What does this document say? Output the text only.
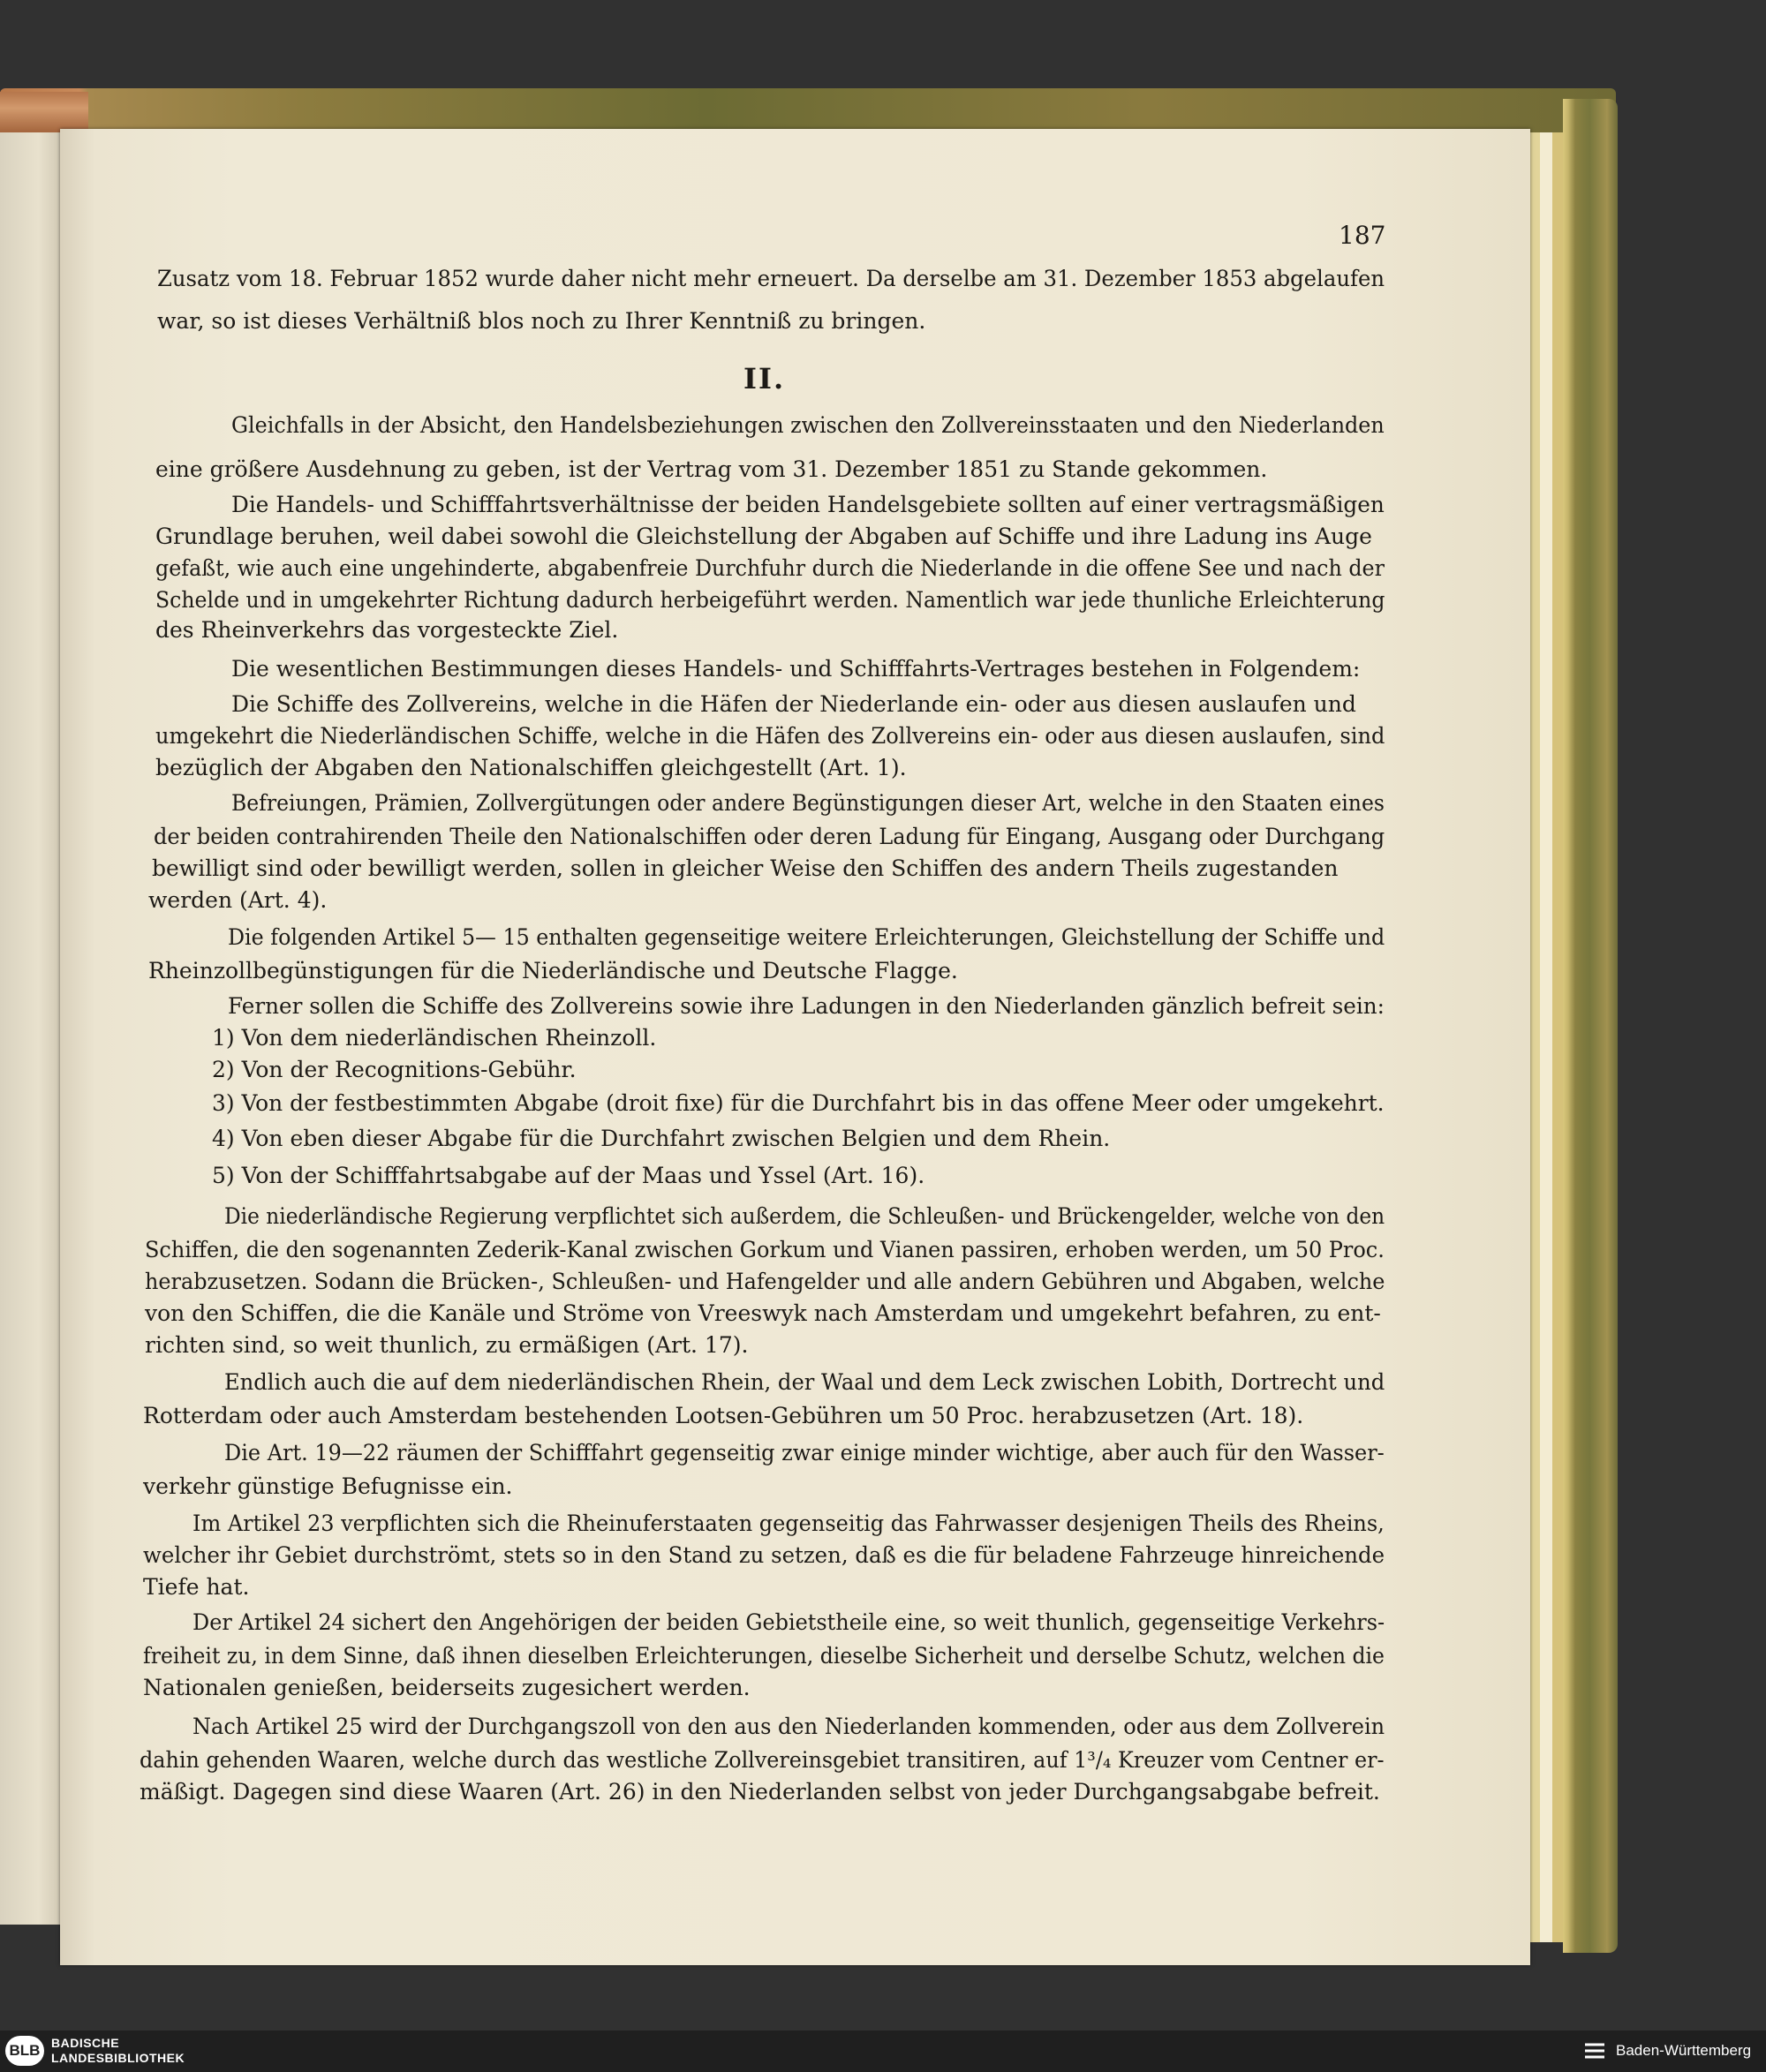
187
II.
Zusatz vom 18. Februar 1852 wurde daher nicht mehr erneuert. Da derselbe am 31. Dezember 1853 abgelaufen
war, so ist dieses Verhältniß blos noch zu Ihrer Kenntniß zu bringen.
Gleichfalls in der Absicht, den Handelsbeziehungen zwischen den Zollvereinsstaaten und den Niederlanden
eine größere Ausdehnung zu geben, ist der Vertrag vom 31. Dezember 1851 zu Stande gekommen.
Die Handels- und Schifffahrtsverhältnisse der beiden Handelsgebiete sollten auf einer vertragsmäßigen
Grundlage beruhen, weil dabei sowohl die Gleichstellung der Abgaben auf Schiffe und ihre Ladung ins Auge
gefaßt, wie auch eine ungehinderte, abgabenfreie Durchfuhr durch die Niederlande in die offene See und nach der
Schelde und in umgekehrter Richtung dadurch herbeigeführt werden. Namentlich war jede thunliche Erleichterung
des Rheinverkehrs das vorgesteckte Ziel.
Die wesentlichen Bestimmungen dieses Handels- und Schifffahrts-Vertrages bestehen in Folgendem:
Die Schiffe des Zollvereins, welche in die Häfen der Niederlande ein- oder aus diesen auslaufen und
umgekehrt die Niederländischen Schiffe, welche in die Häfen des Zollvereins ein- oder aus diesen auslaufen, sind
bezüglich der Abgaben den Nationalschiffen gleichgestellt (Art. 1).
Befreiungen, Prämien, Zollvergütungen oder andere Begünstigungen dieser Art, welche in den Staaten eines
der beiden contrahirenden Theile den Nationalschiffen oder deren Ladung für Eingang, Ausgang oder Durchgang
bewilligt sind oder bewilligt werden, sollen in gleicher Weise den Schiffen des andern Theils zugestanden
werden (Art. 4).
Die folgenden Artikel 5— 15 enthalten gegenseitige weitere Erleichterungen, Gleichstellung der Schiffe und
Rheinzollbegünstigungen für die Niederländische und Deutsche Flagge.
Ferner sollen die Schiffe des Zollvereins sowie ihre Ladungen in den Niederlanden gänzlich befreit sein:
1) Von dem niederländischen Rheinzoll.
2) Von der Recognitions-Gebühr.
3) Von der festbestimmten Abgabe (droit fixe) für die Durchfahrt bis in das offene Meer oder umgekehrt.
4) Von eben dieser Abgabe für die Durchfahrt zwischen Belgien und dem Rhein.
5) Von der Schifffahrtsabgabe auf der Maas und Yssel (Art. 16).
Die niederländische Regierung verpflichtet sich außerdem, die Schleußen- und Brückengelder, welche von den
Schiffen, die den sogenannten Zederik-Kanal zwischen Gorkum und Vianen passiren, erhoben werden, um 50 Proc.
herabzusetzen. Sodann die Brücken-, Schleußen- und Hafengelder und alle andern Gebühren und Abgaben, welche
von den Schiffen, die die Kanäle und Ströme von Vreeswyk nach Amsterdam und umgekehrt befahren, zu ent-
richten sind, so weit thunlich, zu ermäßigen (Art. 17).
Endlich auch die auf dem niederländischen Rhein, der Waal und dem Leck zwischen Lobith, Dortrecht und
Rotterdam oder auch Amsterdam bestehenden Lootsen-Gebühren um 50 Proc. herabzusetzen (Art. 18).
Die Art. 19—22 räumen der Schifffahrt gegenseitig zwar einige minder wichtige, aber auch für den Wasser-
verkehr günstige Befugnisse ein.
Im Artikel 23 verpflichten sich die Rheinuferstaaten gegenseitig das Fahrwasser desjenigen Theils des Rheins,
welcher ihr Gebiet durchströmt, stets so in den Stand zu setzen, daß es die für beladene Fahrzeuge hinreichende
Tiefe hat.
Der Artikel 24 sichert den Angehörigen der beiden Gebietstheile eine, so weit thunlich, gegenseitige Verkehrs-
freiheit zu, in dem Sinne, daß ihnen dieselben Erleichterungen, dieselbe Sicherheit und derselbe Schutz, welchen die
Nationalen genießen, beiderseits zugesichert werden.
Nach Artikel 25 wird der Durchgangszoll von den aus den Niederlanden kommenden, oder aus dem Zollverein
dahin gehenden Waaren, welche durch das westliche Zollvereinsgebiet transitiren, auf 1³/₄ Kreuzer vom Centner er-
mäßigt. Dagegen sind diese Waaren (Art. 26) in den Niederlanden selbst von jeder Durchgangsabgabe befreit.
BLB BADISCHE
LANDESBIBLIOTHEK	Baden-Württemberg
